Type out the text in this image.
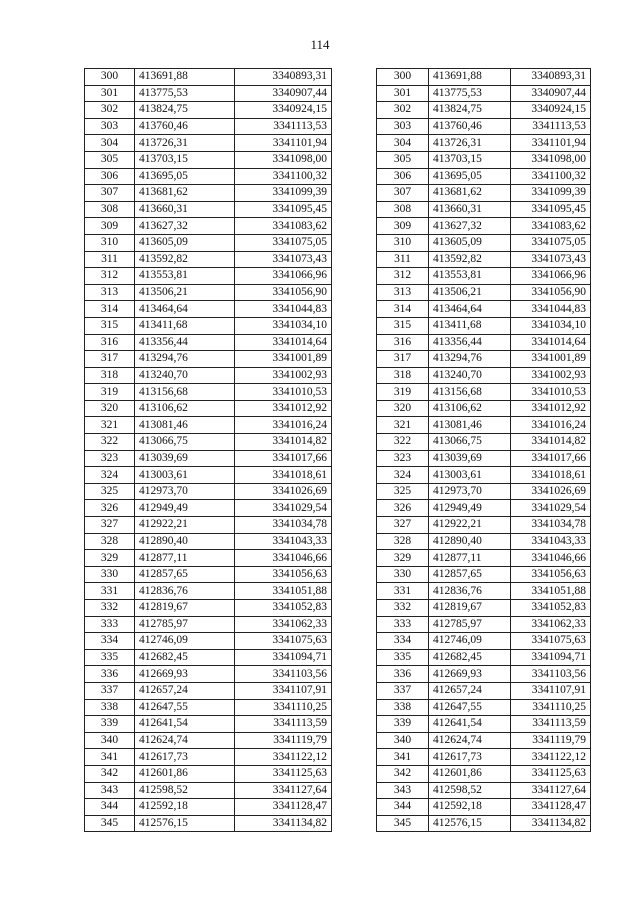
114
300	413691,88	3340893,31
301	413775,53	3340907,44
302	413824,75	3340924,15
303	413760,46	3341113,53
304	413726,31	3341101,94
305	413703,15	3341098,00
306	413695,05	3341100,32
307	413681,62	3341099,39
308	413660,31	3341095,45
309	413627,32	3341083,62
310	413605,09	3341075,05
311	413592,82	3341073,43
312	413553,81	3341066,96
313	413506,21	3341056,90
314	413464,64	3341044,83
315	413411,68	3341034,10
316	413356,44	3341014,64
317	413294,76	3341001,89
318	413240,70	3341002,93
319	413156,68	3341010,53
320	413106,62	3341012,92
321	413081,46	3341016,24
322	413066,75	3341014,82
323	413039,69	3341017,66
324	413003,61	3341018,61
325	412973,70	3341026,69
326	412949,49	3341029,54
327	412922,21	3341034,78
328	412890,40	3341043,33
329	412877,11	3341046,66
330	412857,65	3341056,63
331	412836,76	3341051,88
332	412819,67	3341052,83
333	412785,97	3341062,33
334	412746,09	3341075,63
335	412682,45	3341094,71
336	412669,93	3341103,56
337	412657,24	3341107,91
338	412647,55	3341110,25
339	412641,54	3341113,59
340	412624,74	3341119,79
341	412617,73	3341122,12
342	412601,86	3341125,63
343	412598,52	3341127,64
344	412592,18	3341128,47
345	412576,15	3341134,82
300	413691,88	3340893,31
301	413775,53	3340907,44
302	413824,75	3340924,15
303	413760,46	3341113,53
304	413726,31	3341101,94
305	413703,15	3341098,00
306	413695,05	3341100,32
307	413681,62	3341099,39
308	413660,31	3341095,45
309	413627,32	3341083,62
310	413605,09	3341075,05
311	413592,82	3341073,43
312	413553,81	3341066,96
313	413506,21	3341056,90
314	413464,64	3341044,83
315	413411,68	3341034,10
316	413356,44	3341014,64
317	413294,76	3341001,89
318	413240,70	3341002,93
319	413156,68	3341010,53
320	413106,62	3341012,92
321	413081,46	3341016,24
322	413066,75	3341014,82
323	413039,69	3341017,66
324	413003,61	3341018,61
325	412973,70	3341026,69
326	412949,49	3341029,54
327	412922,21	3341034,78
328	412890,40	3341043,33
329	412877,11	3341046,66
330	412857,65	3341056,63
331	412836,76	3341051,88
332	412819,67	3341052,83
333	412785,97	3341062,33
334	412746,09	3341075,63
335	412682,45	3341094,71
336	412669,93	3341103,56
337	412657,24	3341107,91
338	412647,55	3341110,25
339	412641,54	3341113,59
340	412624,74	3341119,79
341	412617,73	3341122,12
342	412601,86	3341125,63
343	412598,52	3341127,64
344	412592,18	3341128,47
345	412576,15	3341134,82
